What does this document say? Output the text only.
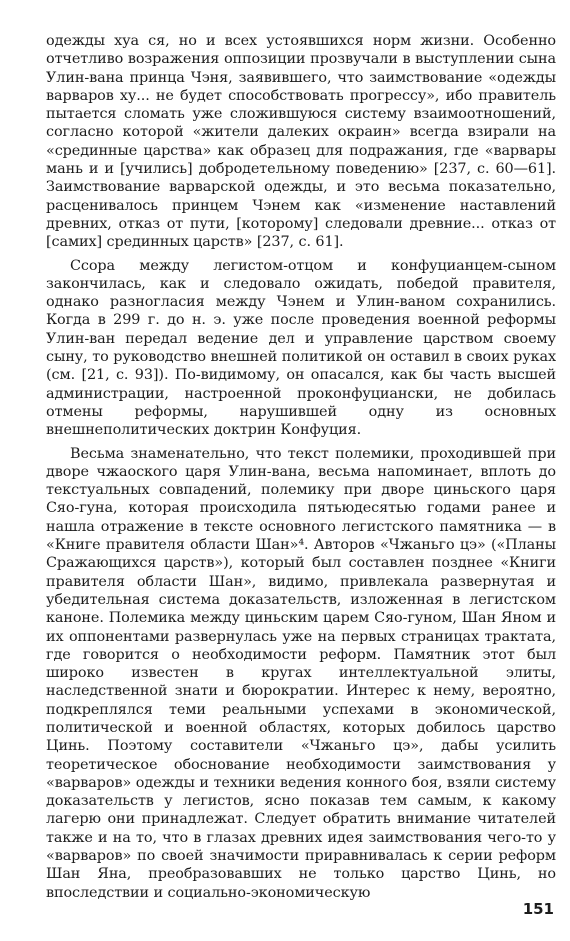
одежды хуа ся, но и всех устоявшихся норм жизни. Особенно отчетливо возражения оппозиции прозвучали в выступлении сына Улин-вана принца Чэня, заявившего, что заимствование «одежды варваров ху... не будет способствовать прогрессу», ибо правитель пытается сломать уже сложившуюся систему взаимоотношений, согласно которой «жители далеких окраин» всегда взирали на «срединные царства» как образец для подражания, где «варвары мань и и [учились] добродетельному поведению» [237, с. 60—61]. Заимствование варварской одежды, и это весьма показательно, расценивалось принцем Чэнем как «изменение наставлений древних, отказ от пути, [которому] следовали древние... отказ от [самих] срединных царств» [237, с. 61].

Ссора между легистом-отцом и конфуцианцем-сыном закончилась, как и следовало ожидать, победой правителя, однако разногласия между Чэнем и Улин-ваном сохранились. Когда в 299 г. до н. э. уже после проведения военной реформы Улин-ван передал ведение дел и управление царством своему сыну, то руководство внешней политикой он оставил в своих руках (см. [21, с. 93]). По-видимому, он опасался, как бы часть высшей администрации, настроенной проконфуциански, не добилась отмены реформы, нарушившей одну из основных внешнеполитических доктрин Конфуция.

Весьма знаменательно, что текст полемики, проходившей при дворе чжаоского царя Улин-вана, весьма напоминает, вплоть до текстуальных совпадений, полемику при дворе циньского царя Сяо-гуна, которая происходила пятьюдесятью годами ранее и нашла отражение в тексте основного легистского памятника — в «Книге правителя области Шан»⁴. Авторов «Чжаньго цэ» («Планы Сражающихся царств»), который был составлен позднее «Книги правителя области Шан», видимо, привлекала развернутая и убедительная система доказательств, изложенная в легистском каноне. Полемика между циньским царем Сяо-гуном, Шан Яном и их оппонентами развернулась уже на первых страницах трактата, где говорится о необходимости реформ. Памятник этот был широко известен в кругах интеллектуальной элиты, наследственной знати и бюрократии. Интерес к нему, вероятно, подкреплялся теми реальными успехами в экономической, политической и военной областях, которых добилось царство Цинь. Поэтому составители «Чжаньго цэ», дабы усилить теоретическое обоснование необходимости заимствования у «варваров» одежды и техники ведения конного боя, взяли систему доказательств у легистов, ясно показав тем самым, к какому лагерю они принадлежат. Следует обратить внимание читателей также и на то, что в глазах древних идея заимствования чего-то у «варваров» по своей значимости приравнивалась к серии реформ Шан Яна, преобразовавших не только царство Цинь, но впоследствии и социально-экономическую

151
